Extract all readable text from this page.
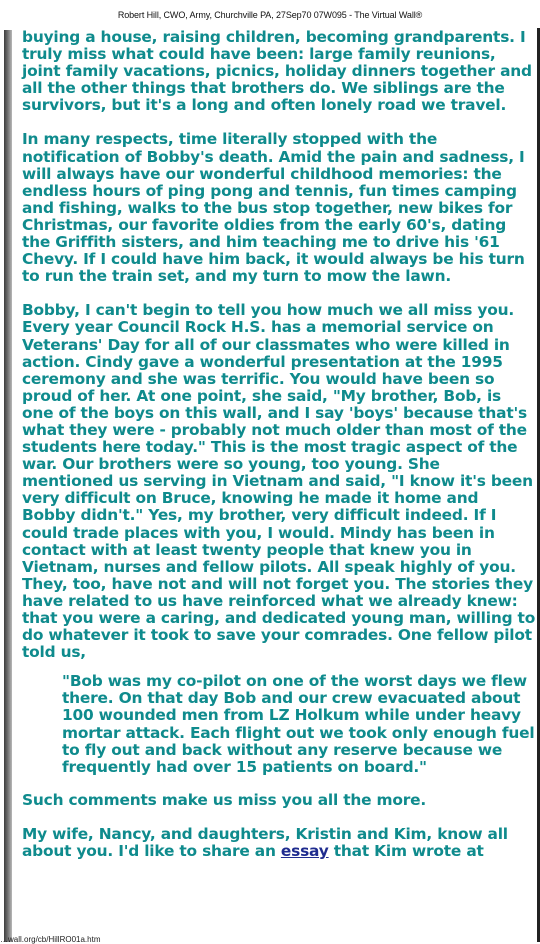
Robert Hill, CWO, Army, Churchville PA, 27Sep70 07W095 - The Virtual Wall®

buying a house, raising children, becoming grandparents. I truly miss what could have been: large family reunions, joint family vacations, picnics, holiday dinners together and all the other things that brothers do. We siblings are the survivors, but it's a long and often lonely road we travel.

In many respects, time literally stopped with the notification of Bobby's death. Amid the pain and sadness, I will always have our wonderful childhood memories: the endless hours of ping pong and tennis, fun times camping and fishing, walks to the bus stop together, new bikes for Christmas, our favorite oldies from the early 60's, dating the Griffith sisters, and him teaching me to drive his '61 Chevy. If I could have him back, it would always be his turn to run the train set, and my turn to mow the lawn.

Bobby, I can't begin to tell you how much we all miss you. Every year Council Rock H.S. has a memorial service on Veterans' Day for all of our classmates who were killed in action. Cindy gave a wonderful presentation at the 1995 ceremony and she was terrific. You would have been so proud of her. At one point, she said, "My brother, Bob, is one of the boys on this wall, and I say 'boys' because that's what they were - probably not much older than most of the students here today." This is the most tragic aspect of the war. Our brothers were so young, too young. She mentioned us serving in Vietnam and said, "I know it's been very difficult on Bruce, knowing he made it home and Bobby didn't." Yes, my brother, very difficult indeed. If I could trade places with you, I would. Mindy has been in contact with at least twenty people that knew you in Vietnam, nurses and fellow pilots. All speak highly of you. They, too, have not and will not forget you. The stories they have related to us have reinforced what we already knew: that you were a caring, and dedicated young man, willing to do whatever it took to save your comrades. One fellow pilot told us,

"Bob was my co-pilot on one of the worst days we flew there. On that day Bob and our crew evacuated about 100 wounded men from LZ Holkum while under heavy mortar attack. Each flight out we took only enough fuel to fly out and back without any reserve because we frequently had over 15 patients on board."

Such comments make us miss you all the more.

My wife, Nancy, and daughters, Kristin and Kim, know all about you. I'd like to share an essay that Kim wrote at

…wall.org/cb/HillRO01a.htm
